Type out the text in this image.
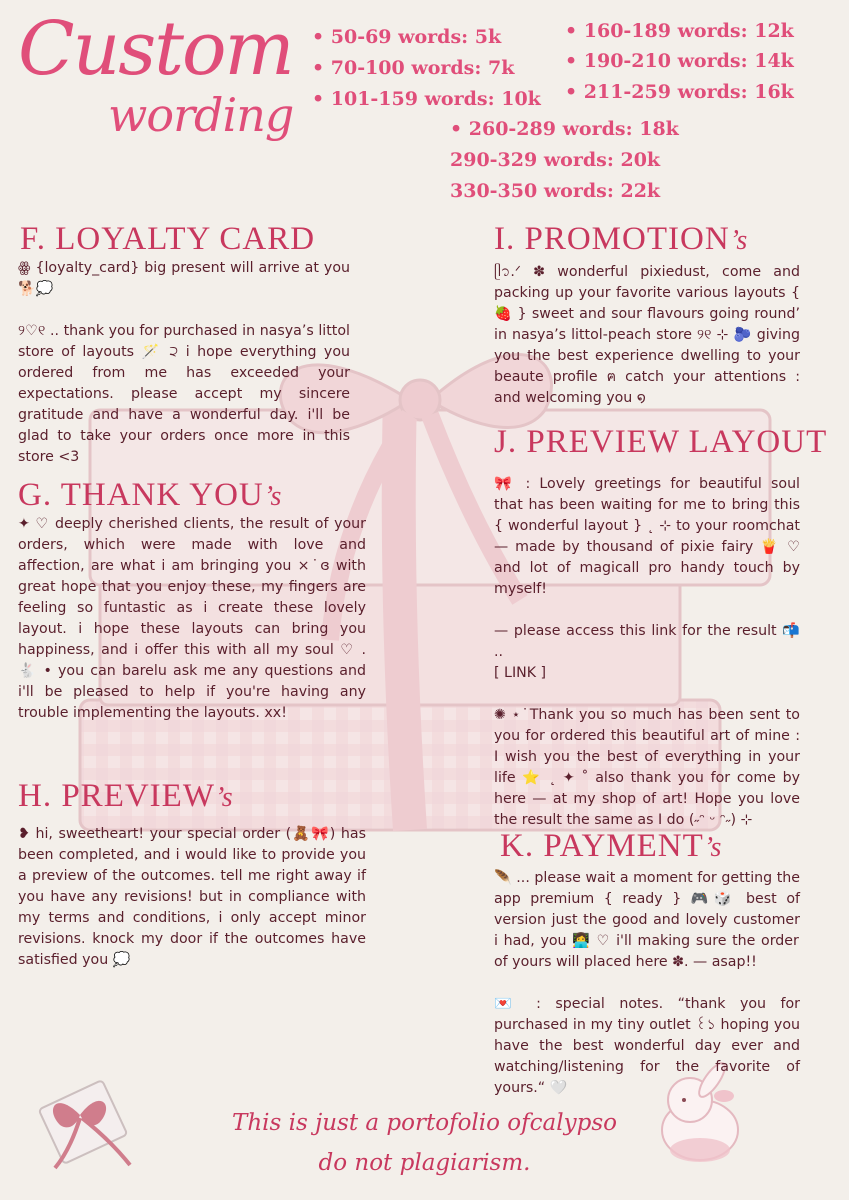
Custom
wording
• 50-69 words: 5k
• 70-100 words: 7k
• 101-159 words: 10k
• 160-189 words: 12k
• 190-210 words: 14k
• 211-259 words: 16k
• 260-289 words: 18k
290-329 words: 20k
330-350 words: 22k
F. LOYALTY CARD

ꙮ {loyalty_card} big present will arrive at you 🐕💭

୨♡୧ .. thank you for purchased in nasya’s littol store of layouts 🪄 ੨ i hope everything you ordered from me has exceeded your expectations. please accept my sincere gratitude and have a wonderful day. i'll be glad to take your orders once more in this store <3

G. THANK YOU’s

✦ ♡ deeply cherished clients, the result of your orders, which were made with love and affection, are what i am bringing you ×˙ɞ with great hope that you enjoy these, my fingers are feeling so funtastic as i create these lovely layout. i hope these layouts can bring you happiness, and i offer this with all my soul ♡ . 🐇 • you can barelu ask me any questions and i'll be pleased to help if you're having any trouble implementing the layouts. xx!

H. PREVIEW’s

❥ hi, sweetheart! your special order (🧸🎀) has been completed, and i would like to provide you a preview of the outcomes. tell me right away if you have any revisions! but in compliance with my terms and conditions, i only accept minor revisions. knock my door if the outcomes have satisfied you 💭

I. PROMOTION’s

ᥫ᭡.ᐟ ✽ wonderful pixiedust, come and packing up your favorite various layouts { 🍓 } sweet and sour flavours going round’ in nasya’s littol-peach store ୨୧ ⊹ 🫐 giving you the best experience dwelling to your beaute profile ฅ catch your attentions : and welcoming you ໑

J. PREVIEW LAYOUT

🎀 : Lovely greetings for beautiful soul that has been waiting for me to bring this { wonderful layout } ˛ ⊹ to your roomchat — made by thousand of pixie fairy 🍟 ♡ and lot of magicall pro handy touch by myself!

— please access this link for the result 📬 ..

[ LINK ]

✺ ⋆˙Thank you so much has been sent to you for ordered this beautiful art of mine : I wish you the best of everything in your life ⭐ ˛ ✦ ˚ also thank you for come by here — at my shop of art! Hope you love the result the same as I do (˶ᵔ ᵕ ᵔ˶) ⊹

K. PAYMENT’s

🪶 ... please wait a moment for getting the app premium { ready } 🎮🎲 best of version just the good and lovely customer i had, you 👩‍💻 ♡ i'll making sure the order of yours will placed here ✽. — asap!!

💌 : special notes. “thank you for purchased in my tiny outlet ꒰১ hoping you have the best wonderful day ever and watching/listening for the favorite of yours.“ 🤍

This is just a portofolio ofcalypso
do not plagiarism.
